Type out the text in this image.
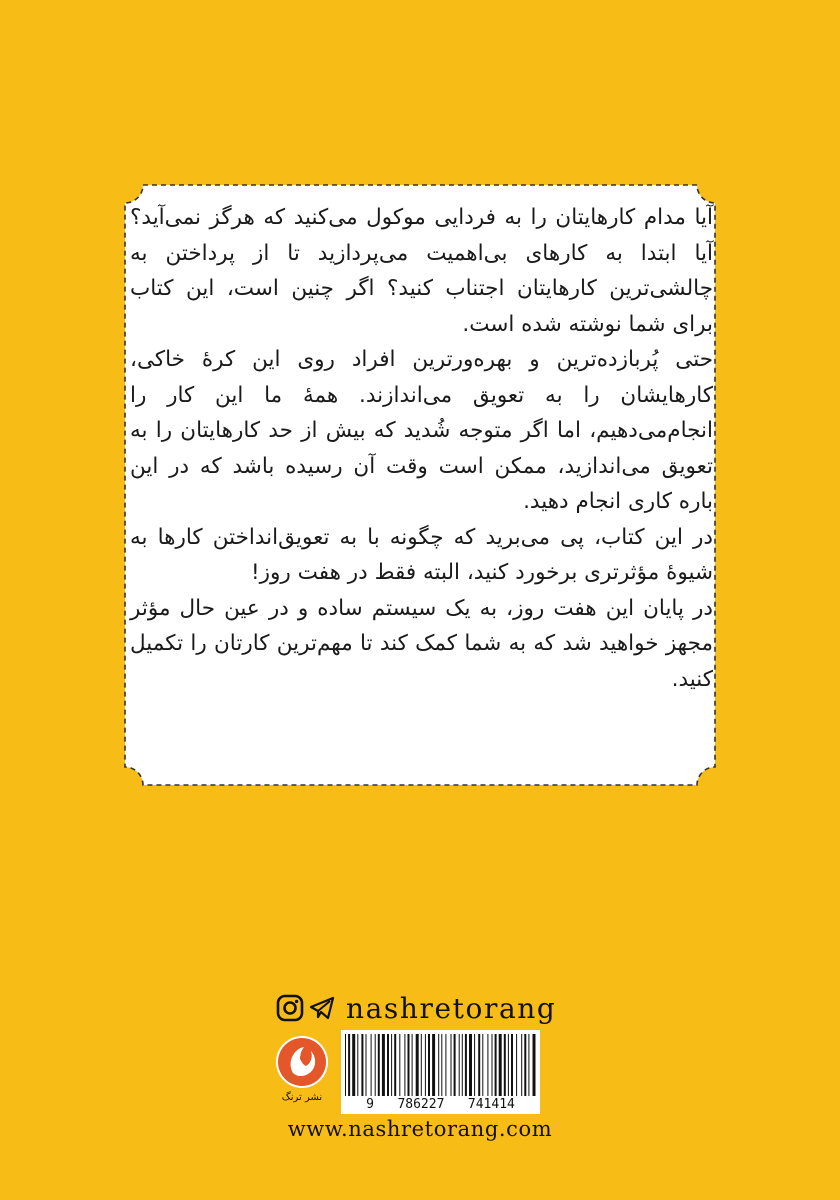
آیا مدام کارهایتان را به فردایی موکول می‌کنید که هرگز نمی‌آید؟ آیا ابتدا به کارهای بی‌اهمیت می‌پردازید تا از پرداختن به چالشی‌ترین کارهایتان اجتناب کنید؟ اگر چنین است، این کتاب برای شما نوشته شده است.

حتی پُربازده‌ترین و بهره‌ورترین افراد روی این کرهٔ خاکی، کارهایشان را به تعویق می‌اندازند. همهٔ ما این کار را انجام‌می‌دهیم، اما اگر متوجه شُدید که بیش از حد کارهایتان را به تعویق می‌اندازید، ممکن است وقت آن رسیده باشد که در این باره کاری انجام دهید.

در این کتاب، پی می‌برید که چگونه با به تعویق‌انداختن کارها به شیوهٔ مؤثرتری برخورد کنید، البته فقط در هفت روز!

در پایان این هفت روز، به یک سیستم ساده و در عین حال مؤثر مجهز خواهید شد که به شما کمک کند تا مهم‌ترین کارتان را تکمیل کنید.

nashretorang
نشر ترنگ	9   786227   741414
www.nashretorang.com
